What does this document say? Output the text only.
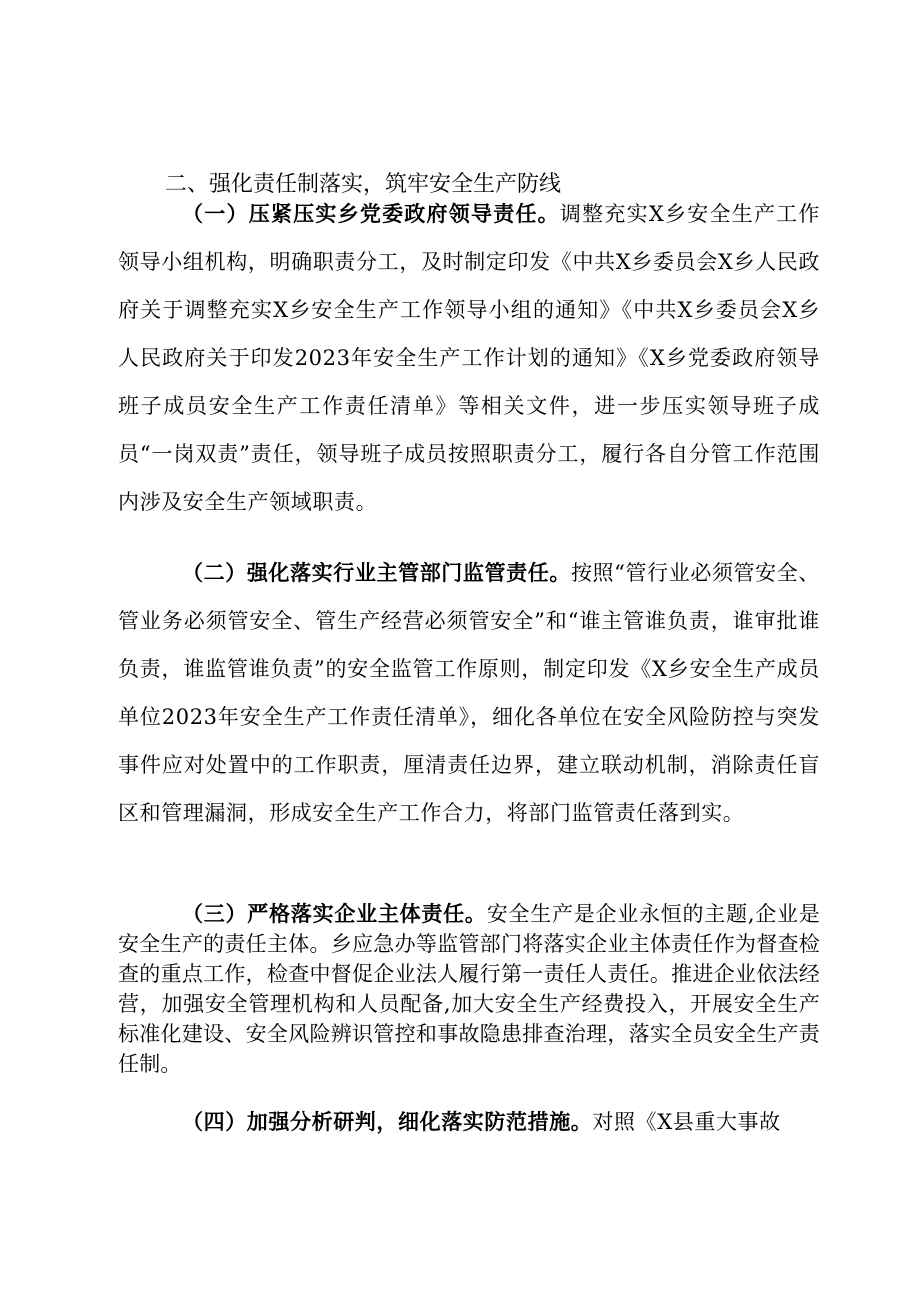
二、强化责任制落实，筑牢安全生产防线

（一）压紧压实乡党委政府领导责任。调整充实X乡安全生产工作领导小组机构，明确职责分工，及时制定印发《中共X乡委员会X乡人民政府关于调整充实X乡安全生产工作领导小组的通知》《中共X乡委员会X乡人民政府关于印发2023年安全生产工作计划的通知》《X乡党委政府领导班子成员安全生产工作责任清单》等相关文件，进一步压实领导班子成员“一岗双责”责任，领导班子成员按照职责分工，履行各自分管工作范围内涉及安全生产领域职责。

（二）强化落实行业主管部门监管责任。按照“管行业必须管安全、管业务必须管安全、管生产经营必须管安全”和“谁主管谁负责，谁审批谁负责，谁监管谁负责”的安全监管工作原则，制定印发《X乡安全生产成员单位2023年安全生产工作责任清单》，细化各单位在安全风险防控与突发事件应对处置中的工作职责，厘清责任边界，建立联动机制，消除责任盲区和管理漏洞，形成安全生产工作合力，将部门监管责任落到实。

（三）严格落实企业主体责任。安全生产是企业永恒的主题,企业是安全生产的责任主体。乡应急办等监管部门将落实企业主体责任作为督查检查的重点工作，检查中督促企业法人履行第一责任人责任。推进企业依法经营，加强安全管理机构和人员配备,加大安全生产经费投入，开展安全生产标准化建设、安全风险辨识管控和事故隐患排查治理，落实全员安全生产责任制。

（四）加强分析研判，细化落实防范措施。对照《X县重大事故
